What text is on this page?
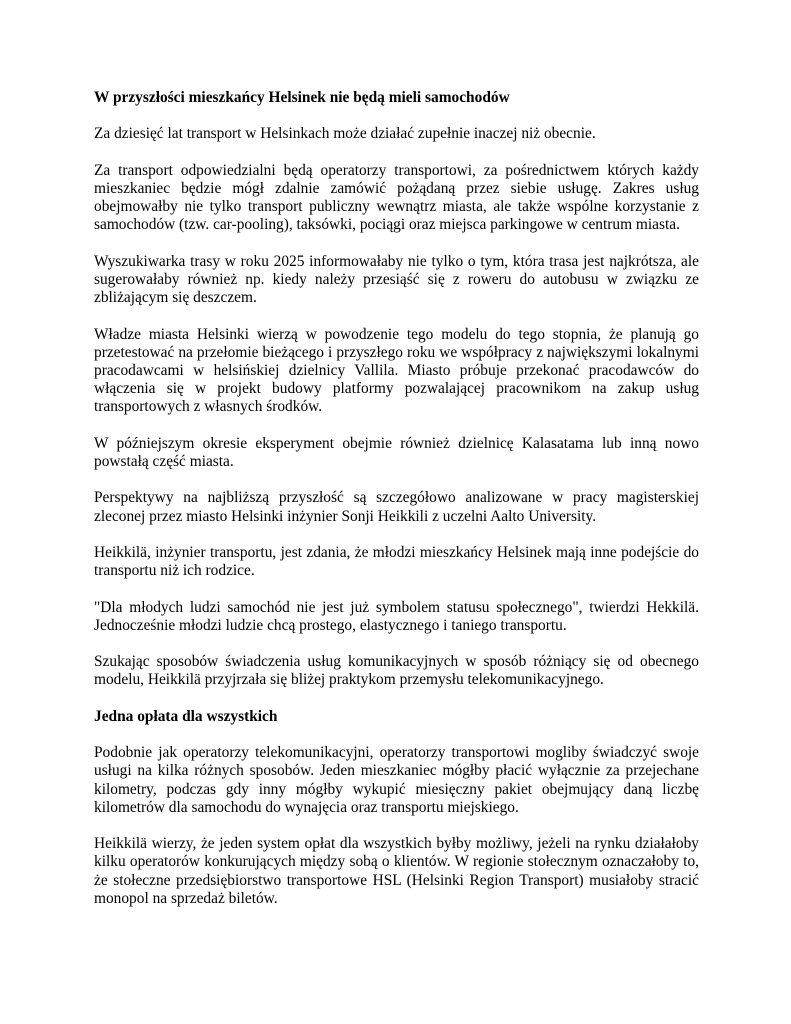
W przyszłości mieszkańcy Helsinek nie będą mieli samochodów

Za dziesięć lat transport w Helsinkach może działać zupełnie inaczej niż obecnie.

Za transport odpowiedzialni będą operatorzy transportowi, za pośrednictwem których każdy mieszkaniec będzie mógł zdalnie zamówić pożądaną przez siebie usługę. Zakres usług obejmowałby nie tylko transport publiczny wewnątrz miasta, ale także wspólne korzystanie z samochodów (tzw. car-pooling), taksówki, pociągi oraz miejsca parkingowe w centrum miasta.

Wyszukiwarka trasy w roku 2025 informowałaby nie tylko o tym, która trasa jest najkrótsza, ale sugerowałaby również np. kiedy należy przesiąść się z roweru do autobusu w związku ze zbliżającym się deszczem.

Władze miasta Helsinki wierzą w powodzenie tego modelu do tego stopnia, że planują go przetestować na przełomie bieżącego i przyszłego roku we współpracy z największymi lokalnymi pracodawcami w helsińskiej dzielnicy Vallila. Miasto próbuje przekonać pracodawców do włączenia się w projekt budowy platformy pozwalającej pracownikom na zakup usług transportowych z własnych środków.

W późniejszym okresie eksperyment obejmie również dzielnicę Kalasatama lub inną nowo powstałą część miasta.

Perspektywy na najbliższą przyszłość są szczegółowo analizowane w pracy magisterskiej zleconej przez miasto Helsinki inżynier Sonji Heikkili z uczelni Aalto University.

Heikkilä, inżynier transportu, jest zdania, że młodzi mieszkańcy Helsinek mają inne podejście do transportu niż ich rodzice.

"Dla młodych ludzi samochód nie jest już symbolem statusu społecznego", twierdzi Hekkilä. Jednocześnie młodzi ludzie chcą prostego, elastycznego i taniego transportu.

Szukając sposobów świadczenia usług komunikacyjnych w sposób różniący się od obecnego modelu, Heikkilä przyjrzała się bliżej praktykom przemysłu telekomunikacyjnego.

Jedna opłata dla wszystkich

Podobnie jak operatorzy telekomunikacyjni, operatorzy transportowi mogliby świadczyć swoje usługi na kilka różnych sposobów. Jeden mieszkaniec mógłby płacić wyłącznie za przejechane kilometry, podczas gdy inny mógłby wykupić miesięczny pakiet obejmujący daną liczbę kilometrów dla samochodu do wynajęcia oraz transportu miejskiego.

Heikkilä wierzy, że jeden system opłat dla wszystkich byłby możliwy, jeżeli na rynku działałoby kilku operatorów konkurujących między sobą o klientów. W regionie stołecznym oznaczałoby to, że stołeczne przedsiębiorstwo transportowe HSL (Helsinki Region Transport) musiałoby stracić monopol na sprzedaż biletów.
